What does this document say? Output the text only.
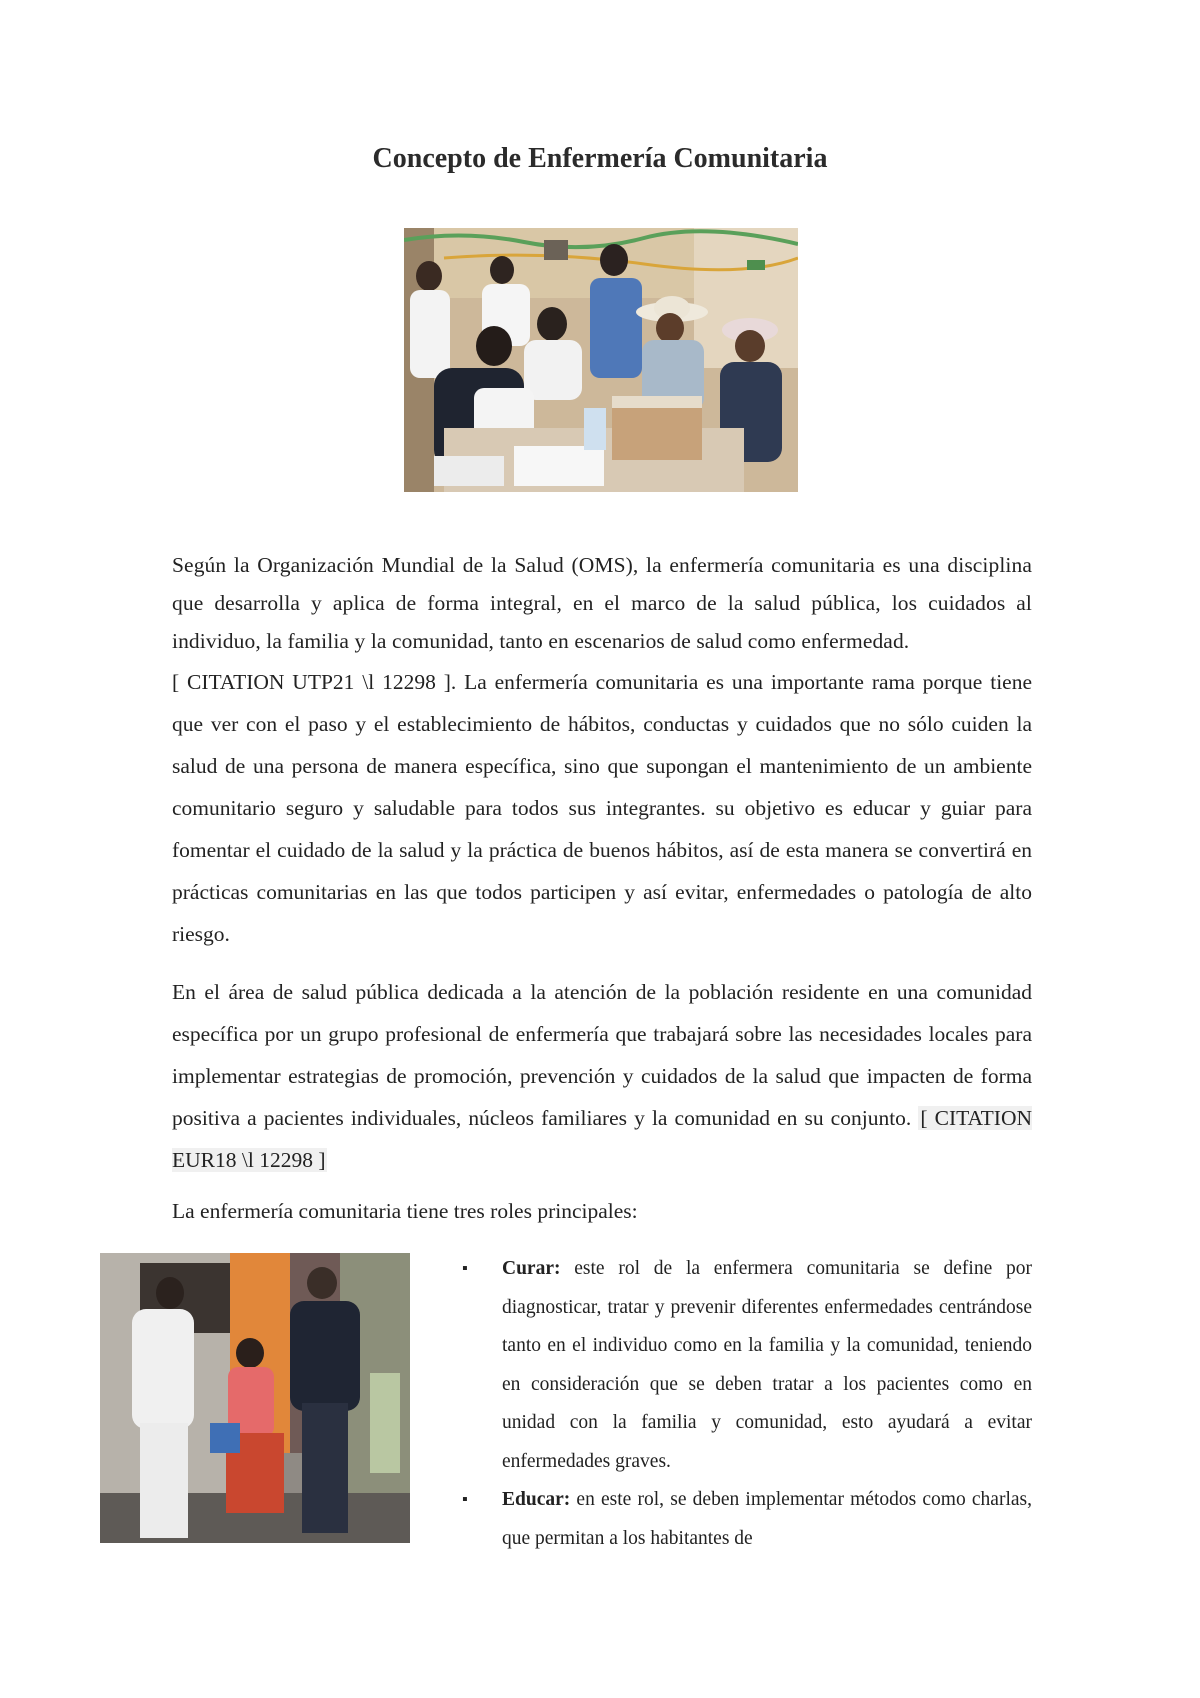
Concepto de Enfermería Comunitaria
Según la Organización Mundial de la Salud (OMS), la enfermería comunitaria es una disciplina que desarrolla y aplica de forma integral, en el marco de la salud pública, los cuidados al individuo, la familia y la comunidad, tanto en escenarios de salud como enfermedad.
[ CITATION UTP21 \l 12298 ]. La enfermería comunitaria es una importante rama porque tiene que ver con el paso y el establecimiento de hábitos, conductas y cuidados que no sólo cuiden la salud de una persona de manera específica, sino que supongan el mantenimiento de un ambiente comunitario seguro y saludable para todos sus integrantes. su objetivo es educar y guiar para fomentar el cuidado de la salud y la práctica de buenos hábitos, así de esta manera se convertirá en prácticas comunitarias en las que todos participen y así evitar, enfermedades o patología de alto riesgo.
En el área de salud pública dedicada a la atención de la población residente en una comunidad específica por un grupo profesional de enfermería que trabajará sobre las necesidades locales para implementar estrategias de promoción, prevención y cuidados de la salud que impacten de forma positiva a pacientes individuales, núcleos familiares y la comunidad en su conjunto. [ CITATION EUR18 \l 12298 ]
La enfermería comunitaria tiene tres roles principales:
▪	Curar: este rol de la enfermera comunitaria se define por diagnosticar, tratar y prevenir diferentes enfermedades centrándose tanto en el individuo como en la familia y la comunidad, teniendo en consideración que se deben tratar a los pacientes como en unidad con la familia y comunidad, esto ayudará a evitar enfermedades graves.
▪	Educar: en este rol, se deben implementar métodos como charlas, que permitan a los habitantes de
